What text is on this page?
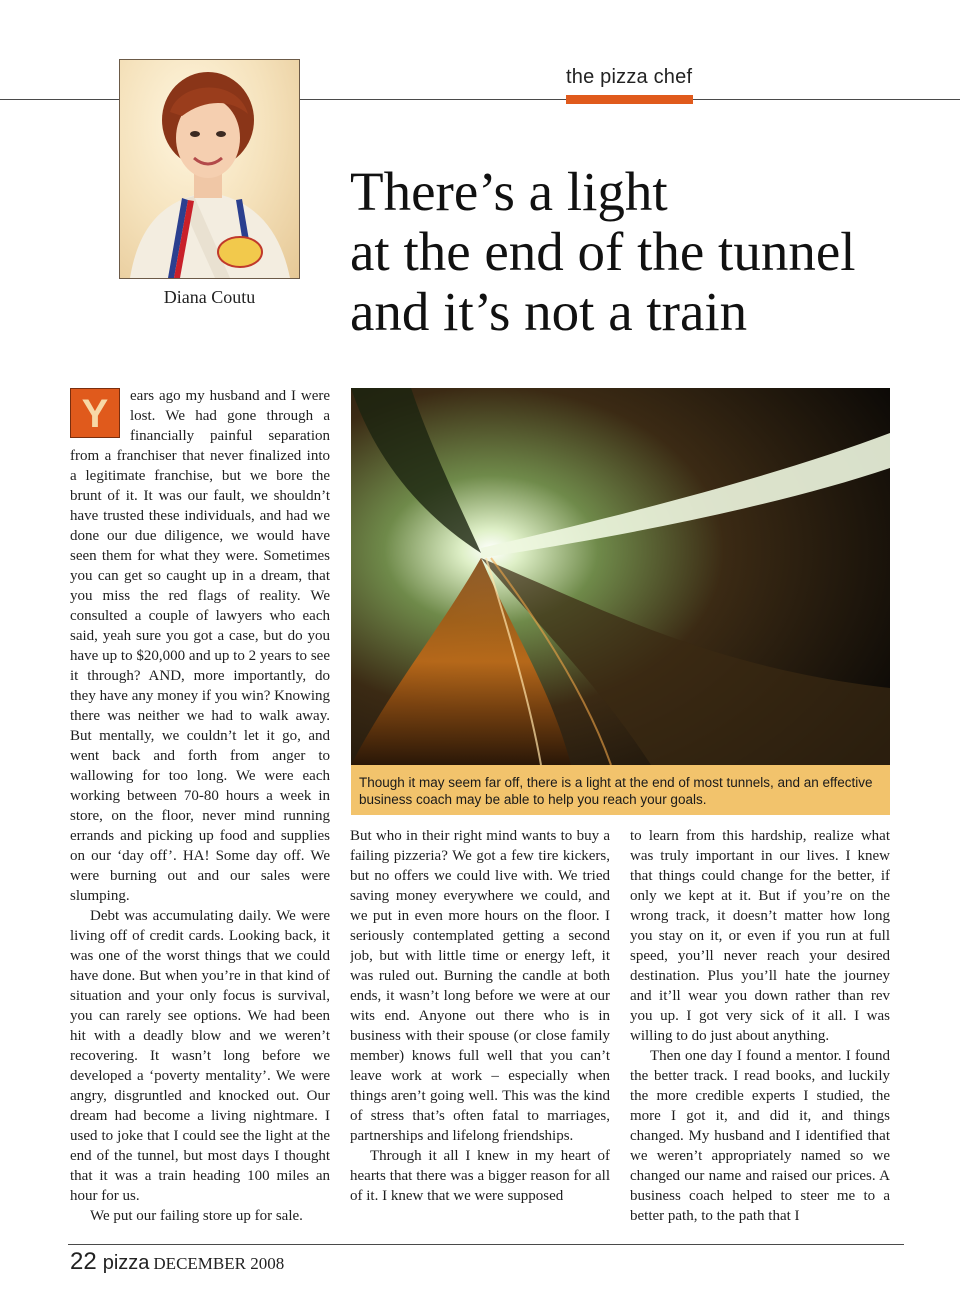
the pizza chef
Diana Coutu
There’s a light
at the end of the tunnel
and it’s not a train
Though it may seem far off, there is a light at the end of most tunnels, and an effective business coach may be able to help you reach your goals.

Y	ears ago my husband and I were lost. We had gone through a financially painful separation from a franchiser that never finalized into a legitimate franchise, but we bore the brunt of it. It was our fault, we shouldn’t have trusted these individuals, and had we done our due diligence, we would have seen them for what they were. Sometimes you can get so caught up in a dream, that you miss the red flags of reality. We consulted a couple of lawyers who each said, yeah sure you got a case, but do you have up to $20,000 and up to 2 years to see it through? AND, more importantly, do they have any money if you win? Knowing there was neither we had to walk away. But mentally, we couldn’t let it go, and went back and forth from anger to wallowing for too long. We were each working between 70-80 hours a week in store, on the floor, never mind running errands and picking up food and supplies on our ‘day off’. HA! Some day off. We were burning out and our sales were slumping.

Debt was accumulating daily. We were living off of credit cards. Looking back, it was one of the worst things that we could have done. But when you’re in that kind of situation and your only focus is survival, you can rarely see options. We had been hit with a deadly blow and we weren’t recovering. It wasn’t long before we developed a ‘poverty mentality’. We were angry, disgruntled and knocked out. Our dream had become a living nightmare. I used to joke that I could see the light at the end of the tunnel, but most days I thought that it was a train heading 100 miles an hour for us.

We put our failing store up for sale.

But who in their right mind wants to buy a failing pizzeria? We got a few tire kickers, but no offers we could live with. We tried saving money everywhere we could, and we put in even more hours on the floor. I seriously contemplated getting a second job, but with little time or energy left, it was ruled out. Burning the candle at both ends, it wasn’t long before we were at our wits end. Anyone out there who is in business with their spouse (or close family member) knows full well that you can’t leave work at work – especially when things aren’t going well. This was the kind of stress that’s often fatal to marriages, partnerships and lifelong friendships.

Through it all I knew in my heart of hearts that there was a bigger reason for all of it. I knew that we were supposed

to learn from this hardship, realize what was truly important in our lives. I knew that things could change for the better, if only we kept at it. But if you’re on the wrong track, it doesn’t matter how long you stay on it, or even if you run at full speed, you’ll never reach your desired destination. Plus you’ll hate the journey and it’ll wear you down rather than rev you up. I got very sick of it all. I was willing to do just about anything.

Then one day I found a mentor. I found the better track. I read books, and luckily the more credible experts I studied, the more I got it, and did it, and things changed. My husband and I identified that we weren’t appropriately named so we changed our name and raised our prices. A business coach helped to steer me to a better path, to the path that I

22 pizza DECEMBER 2008
